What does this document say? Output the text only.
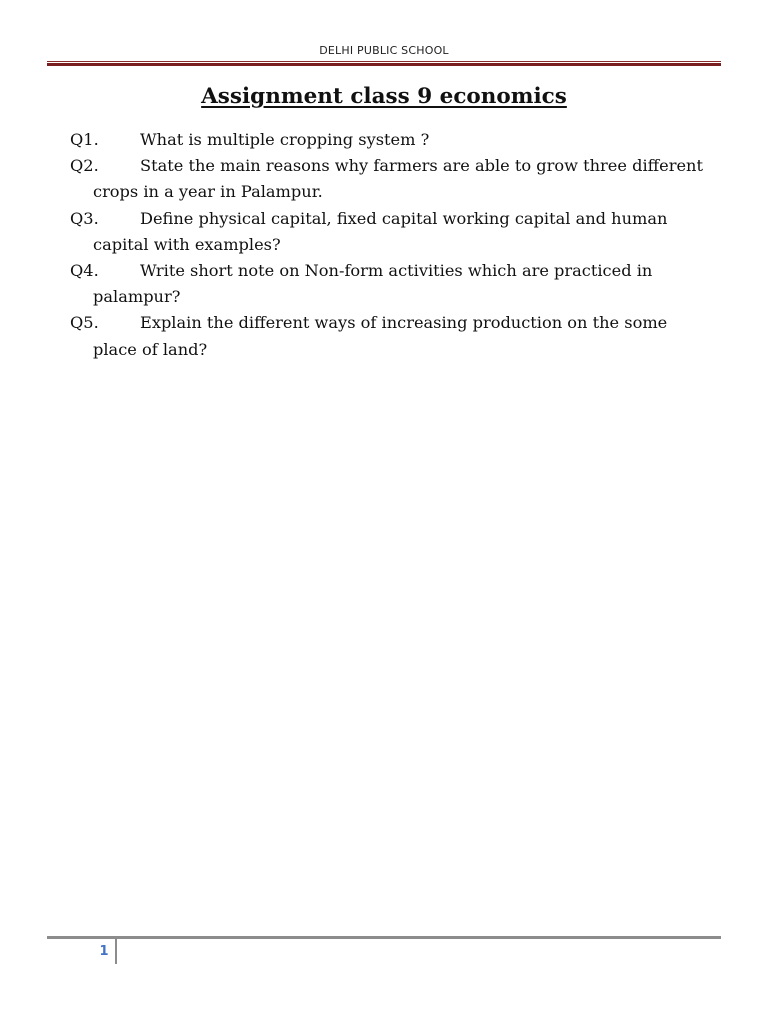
DELHI PUBLIC SCHOOL
Assignment class 9 economics
Q1.	What is multiple cropping system ?
Q2.	State the main reasons why farmers are able to grow three different crops in a year in Palampur.
Q3.	Define physical capital, fixed capital working capital and human capital with examples?
Q4.	Write short note on Non-form activities which are practiced in palampur?
Q5.	Explain the different ways of increasing production on the some place of land?
1
